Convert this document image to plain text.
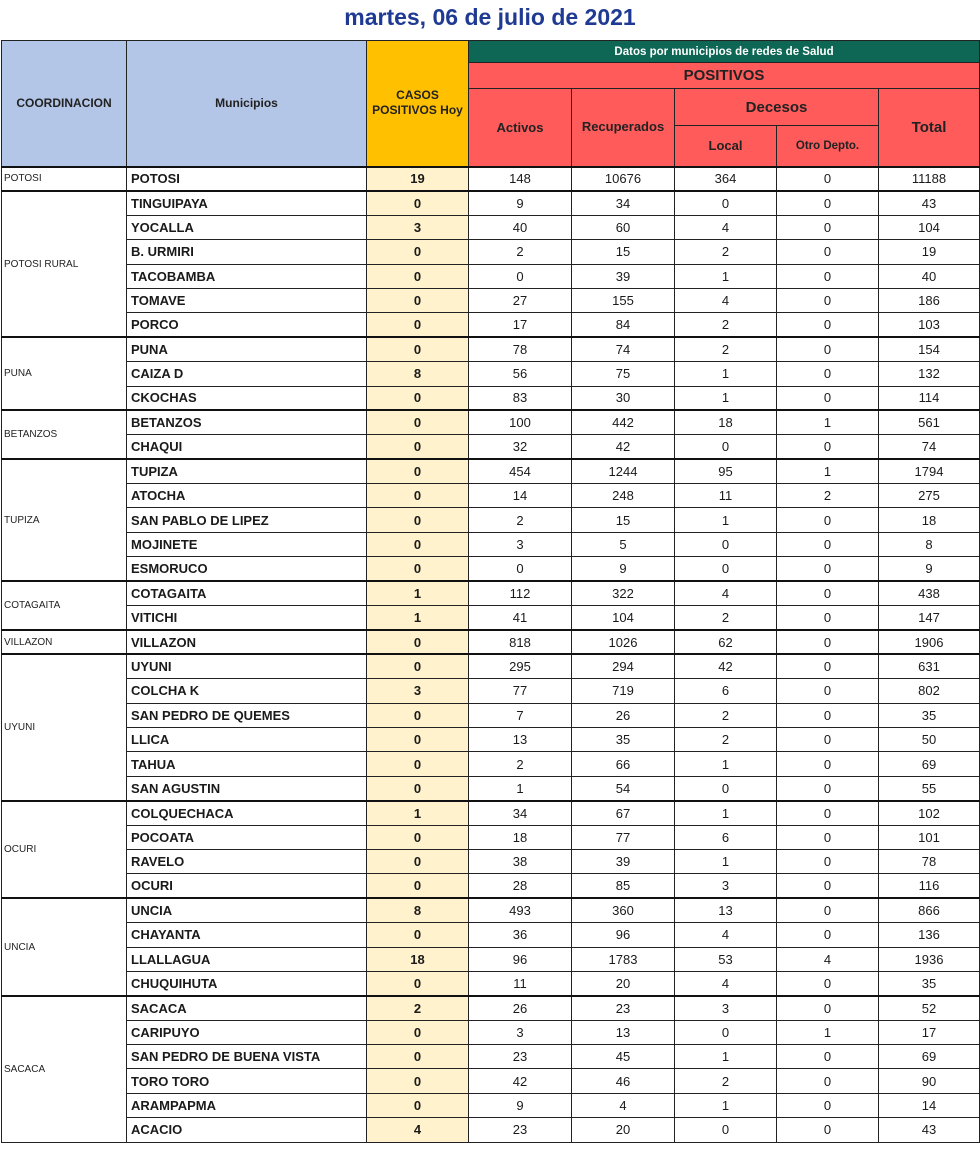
martes, 06 de julio de 2021
COORDINACION	Municipios	CASOS POSITIVOS Hoy	Datos por municipios de redes de Salud				
			POSITIVOS				
			Activos	Recuperados	Decesos		Total
					Local	Otro Depto.	
POTOSI	POTOSI	19	148	10676	364	0	11188
POTOSI RURAL	TINGUIPAYA	0	9	34	0	0	43
	YOCALLA	3	40	60	4	0	104
	B. URMIRI	0	2	15	2	0	19
	TACOBAMBA	0	0	39	1	0	40
	TOMAVE	0	27	155	4	0	186
	PORCO	0	17	84	2	0	103
PUNA	PUNA	0	78	74	2	0	154
	CAIZA D	8	56	75	1	0	132
	CKOCHAS	0	83	30	1	0	114
BETANZOS	BETANZOS	0	100	442	18	1	561
	CHAQUI	0	32	42	0	0	74
TUPIZA	TUPIZA	0	454	1244	95	1	1794
	ATOCHA	0	14	248	11	2	275
	SAN PABLO DE LIPEZ	0	2	15	1	0	18
	MOJINETE	0	3	5	0	0	8
	ESMORUCO	0	0	9	0	0	9
COTAGAITA	COTAGAITA	1	112	322	4	0	438
	VITICHI	1	41	104	2	0	147
VILLAZON	VILLAZON	0	818	1026	62	0	1906
UYUNI	UYUNI	0	295	294	42	0	631
	COLCHA K	3	77	719	6	0	802
	SAN PEDRO DE QUEMES	0	7	26	2	0	35
	LLICA	0	13	35	2	0	50
	TAHUA	0	2	66	1	0	69
	SAN AGUSTIN	0	1	54	0	0	55
OCURI	COLQUECHACA	1	34	67	1	0	102
	POCOATA	0	18	77	6	0	101
	RAVELO	0	38	39	1	0	78
	OCURI	0	28	85	3	0	116
UNCIA	UNCIA	8	493	360	13	0	866
	CHAYANTA	0	36	96	4	0	136
	LLALLAGUA	18	96	1783	53	4	1936
	CHUQUIHUTA	0	11	20	4	0	35
SACACA	SACACA	2	26	23	3	0	52
	CARIPUYO	0	3	13	0	1	17
	SAN PEDRO DE BUENA VISTA	0	23	45	1	0	69
	TORO TORO	0	42	46	2	0	90
	ARAMPAPMA	0	9	4	1	0	14
	ACACIO	4	23	20	0	0	43
